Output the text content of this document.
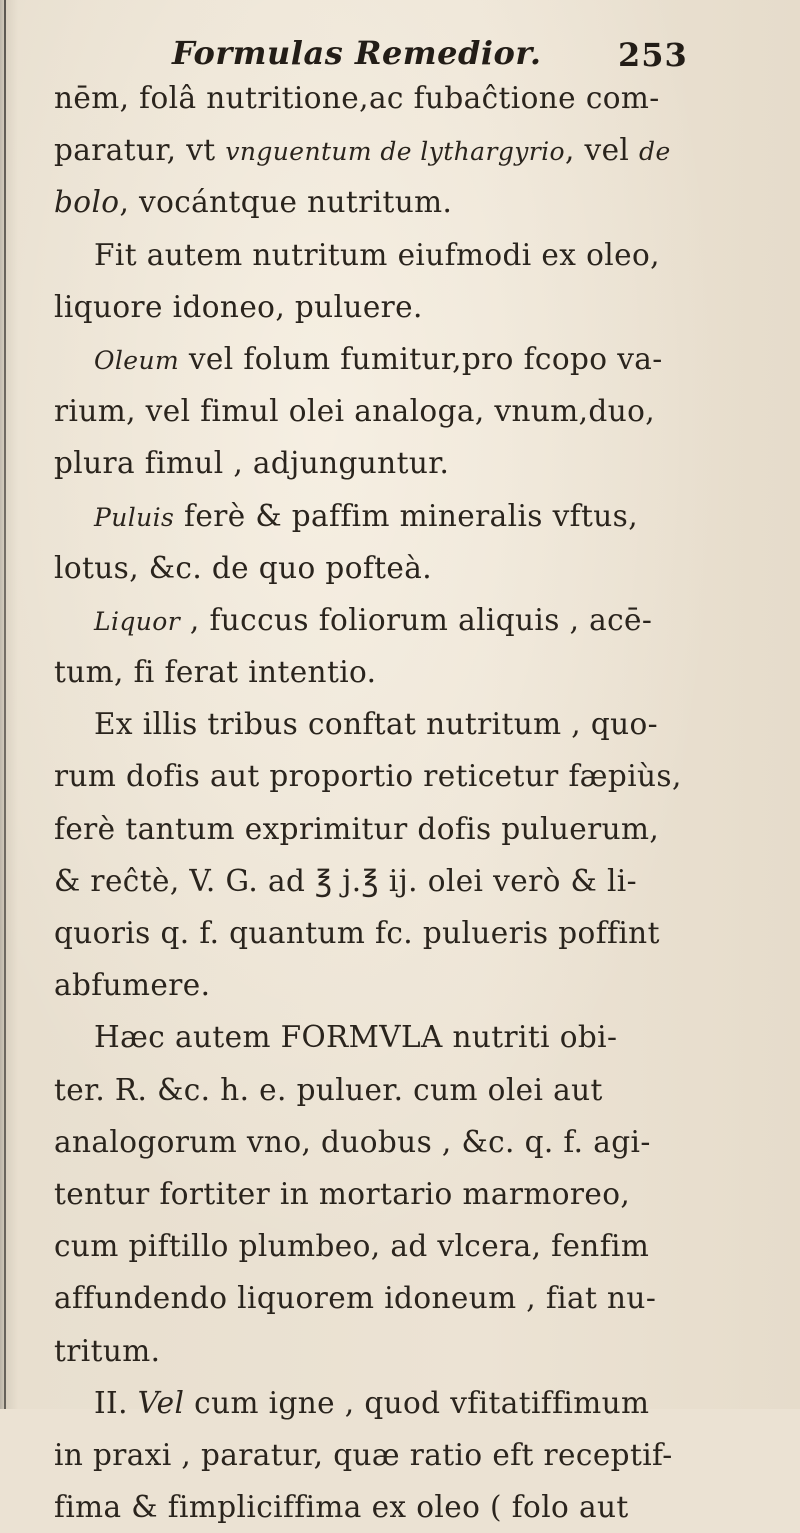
Formulas Remedior. 253
nēm, folâ nutritione,ac fubaĉtione com-
paratur, vt vnguentum de lythargyrio, vel de
bolo, vocántque nutritum.
Fit autem nutritum eiufmodi ex oleo,
liquore idoneo, puluere.
Oleum vel folum fumitur,pro fcopo va-
rium, vel fimul olei analoga, vnum,duo,
plura fimul , adjunguntur.
Puluis ferè & paffim mineralis vftus,
lotus, &c. de quo pofteà.
Liquor , fuccus foliorum aliquis , acē-
tum, fi ferat intentio.
Ex illis tribus conftat nutritum , quo-
rum dofis aut proportio reticetur fæpiùs,
ferè tantum exprimitur dofis puluerum,
& reĉtè, V. G. ad ℥ j.℥ ij. olei verò & li-
quoris q. f. quantum fc. pulueris poffint
abfumere.
Hæc autem FORMVLA nutriti obi-
ter. R. &c. h. e. puluer. cum olei aut
analogorum vno, duobus , &c. q. f. agi-
tentur fortiter in mortario marmoreo,
cum piftillo plumbeo, ad vlcera, fenfim
affundendo liquorem idoneum , fiat nu-
tritum.
II. Vel cum igne , quod vfitatiffimum
in praxi , paratur, quæ ratio eft receptif-
fima & fimpliciffima ex oleo ( folo aut
